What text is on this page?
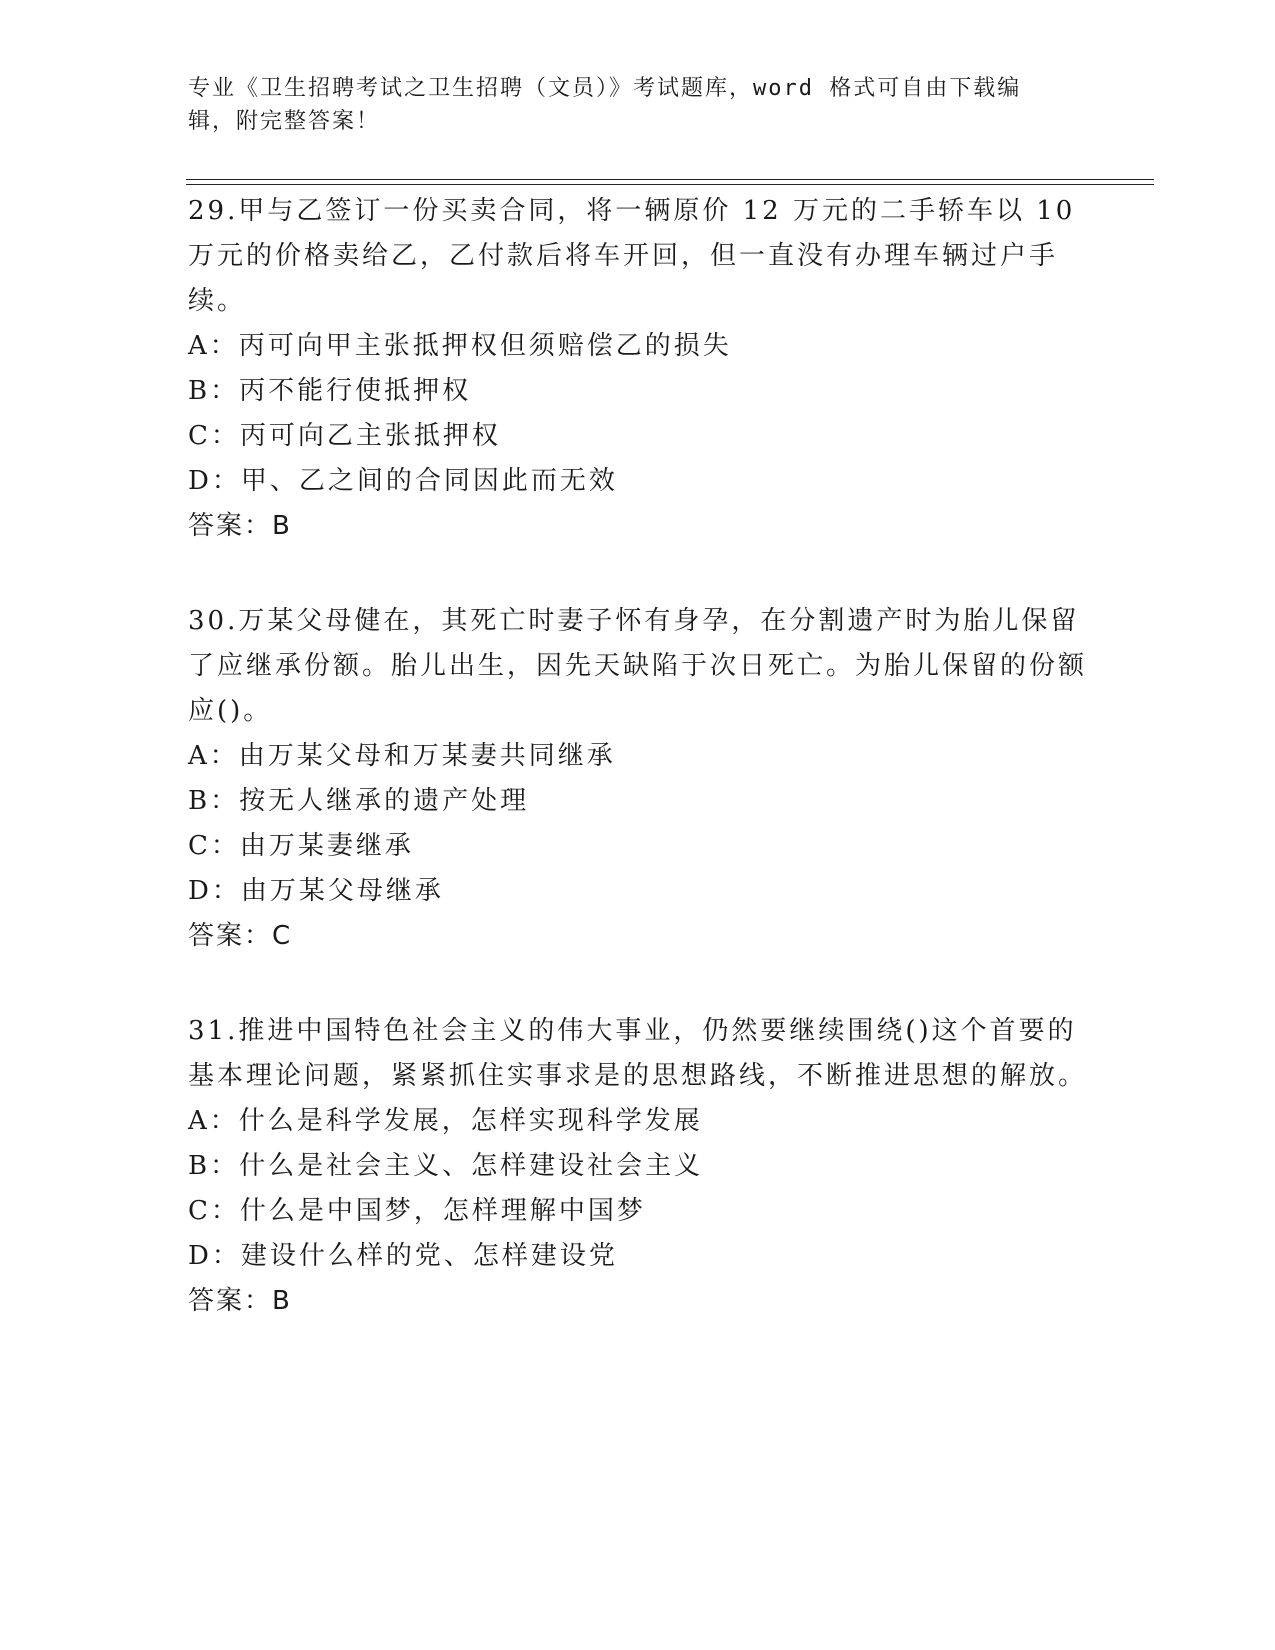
专业《卫生招聘考试之卫生招聘（文员）》考试题库，word 格式可自由下载编辑，附完整答案！

29.甲与乙签订一份买卖合同，将一辆原价 12 万元的二手轿车以 10 万元的价格卖给乙，乙付款后将车开回，但一直没有办理车辆过户手续。

A：丙可向甲主张抵押权但须赔偿乙的损失

B：丙不能行使抵押权

C：丙可向乙主张抵押权

D：甲、乙之间的合同因此而无效

答案：B

30.万某父母健在，其死亡时妻子怀有身孕，在分割遗产时为胎儿保留了应继承份额。胎儿出生，因先天缺陷于次日死亡。为胎儿保留的份额应()。

A：由万某父母和万某妻共同继承

B：按无人继承的遗产处理

C：由万某妻继承

D：由万某父母继承

答案：C

31.推进中国特色社会主义的伟大事业，仍然要继续围绕()这个首要的基本理论问题，紧紧抓住实事求是的思想路线，不断推进思想的解放。

A：什么是科学发展，怎样实现科学发展

B：什么是社会主义、怎样建设社会主义

C：什么是中国梦，怎样理解中国梦

D：建设什么样的党、怎样建设党

答案：B
